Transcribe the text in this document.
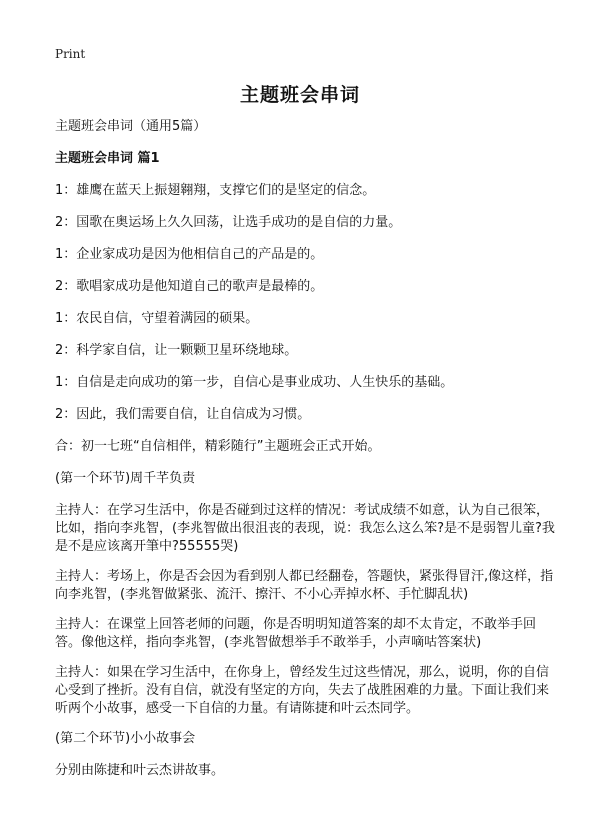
Print
主题班会串词

主题班会串词（通用5篇）

主题班会串词 篇1

1：雄鹰在蓝天上振翅翱翔，支撑它们的是坚定的信念。

2：国歌在奥运场上久久回荡，让选手成功的是自信的力量。

1：企业家成功是因为他相信自己的产品是的。

2：歌唱家成功是他知道自己的歌声是最棒的。

1：农民自信，守望着满园的硕果。

2：科学家自信，让一颗颗卫星环绕地球。

1：自信是走向成功的第一步，自信心是事业成功、人生快乐的基础。

2：因此，我们需要自信，让自信成为习惯。

合：初一七班“自信相伴，精彩随行”主题班会正式开始。

(第一个环节)周千芊负责

主持人：在学习生活中，你是否碰到过这样的情况：考试成绩不如意，认为自己很笨，比如，指向李兆智，(李兆智做出很沮丧的表现，说：我怎么这么笨?是不是弱智儿童?我是不是应该离开筆中?55555哭)

主持人：考场上，你是否会因为看到别人都已经翻卷，答题快，紧张得冒汗,像这样，指向李兆智，(李兆智做紧张、流汗、擦汗、不小心弄掉水杯、手忙脚乱状)

主持人：在课堂上回答老师的问题，你是否明明知道答案的却不太肯定，不敢举手回答。像他这样，指向李兆智，(李兆智做想举手不敢举手，小声嘀咕答案状)

主持人：如果在学习生活中，在你身上，曾经发生过这些情况，那么，说明，你的自信心受到了挫折。没有自信，就没有坚定的方向，失去了战胜困难的力量。下面让我们来听两个小故事，感受一下自信的力量。有请陈捷和叶云杰同学。

(第二个环节)小小故事会

分别由陈捷和叶云杰讲故事。
